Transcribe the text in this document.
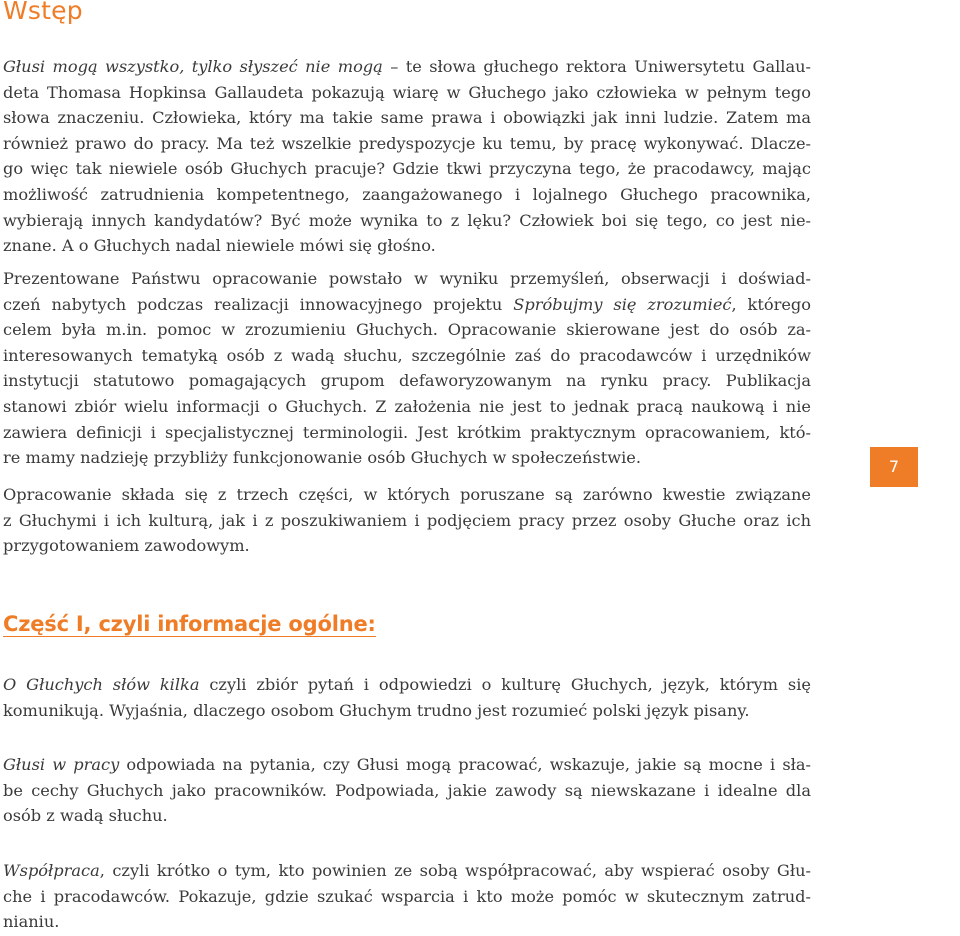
Wstęp
Głusi mogą wszystko, tylko słyszeć nie mogą – te słowa głuchego rektora Uniwersytetu Gallau-
deta Thomasa Hopkinsa Gallaudeta pokazują wiarę w Głuchego jako człowieka w pełnym tego
słowa znaczeniu. Człowieka, który ma takie same prawa i obowiązki jak inni ludzie. Zatem ma
również prawo do pracy. Ma też wszelkie predyspozycje ku temu, by pracę wykonywać. Dlacze-
go więc tak niewiele osób Głuchych pracuje? Gdzie tkwi przyczyna tego, że pracodawcy, mając
możliwość zatrudnienia kompetentnego, zaangażowanego i lojalnego Głuchego pracownika,
wybierają innych kandydatów? Być może wynika to z lęku? Człowiek boi się tego, co jest nie-
znane. A o Głuchych nadal niewiele mówi się głośno.
Prezentowane Państwu opracowanie powstało w wyniku przemyśleń, obserwacji i doświad-
czeń nabytych podczas realizacji innowacyjnego projektu Spróbujmy się zrozumieć, którego
celem była m.in. pomoc w zrozumieniu Głuchych. Opracowanie skierowane jest do osób za-
interesowanych tematyką osób z wadą słuchu, szczególnie zaś do pracodawców i urzędników
instytucji statutowo pomagających grupom defaworyzowanym na rynku pracy. Publikacja
stanowi zbiór wielu informacji o Głuchych. Z założenia nie jest to jednak pracą naukową i nie
zawiera definicji i specjalistycznej terminologii. Jest krótkim praktycznym opracowaniem, któ-
re mamy nadzieję przybliży funkcjonowanie osób Głuchych w społeczeństwie.
Opracowanie składa się z trzech części, w których poruszane są zarówno kwestie związane
z Głuchymi i ich kulturą, jak i z poszukiwaniem i podjęciem pracy przez osoby Głuche oraz ich
przygotowaniem zawodowym.
Część I, czyli informacje ogólne:
O Głuchych słów kilka czyli zbiór pytań i odpowiedzi o kulturę Głuchych, język, którym się
komunikują. Wyjaśnia, dlaczego osobom Głuchym trudno jest rozumieć polski język pisany.
Głusi w pracy odpowiada na pytania, czy Głusi mogą pracować, wskazuje, jakie są mocne i sła-
be cechy Głuchych jako pracowników. Podpowiada, jakie zawody są niewskazane i idealne dla
osób z wadą słuchu.
Współpraca, czyli krótko o tym, kto powinien ze sobą współpracować, aby wspierać osoby Głu-
che i pracodawców. Pokazuje, gdzie szukać wsparcia i kto może pomóc w skutecznym zatrud-
nianiu.
7
